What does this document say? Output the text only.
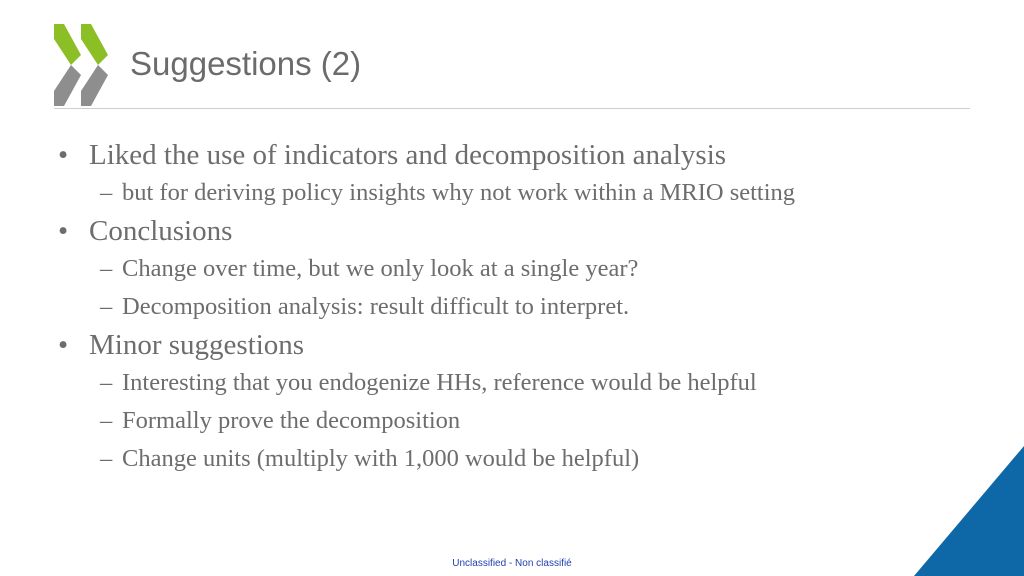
Suggestions (2)
• Liked the use of indicators and decomposition analysis
– but for deriving policy insights why not work within a MRIO setting
• Conclusions
– Change over time, but we only look at a single year?
– Decomposition analysis: result difficult to interpret.
• Minor suggestions
– Interesting that you endogenize HHs, reference would be helpful
– Formally prove the decomposition
– Change units (multiply with 1,000 would be helpful)
Unclassified - Non classifié
